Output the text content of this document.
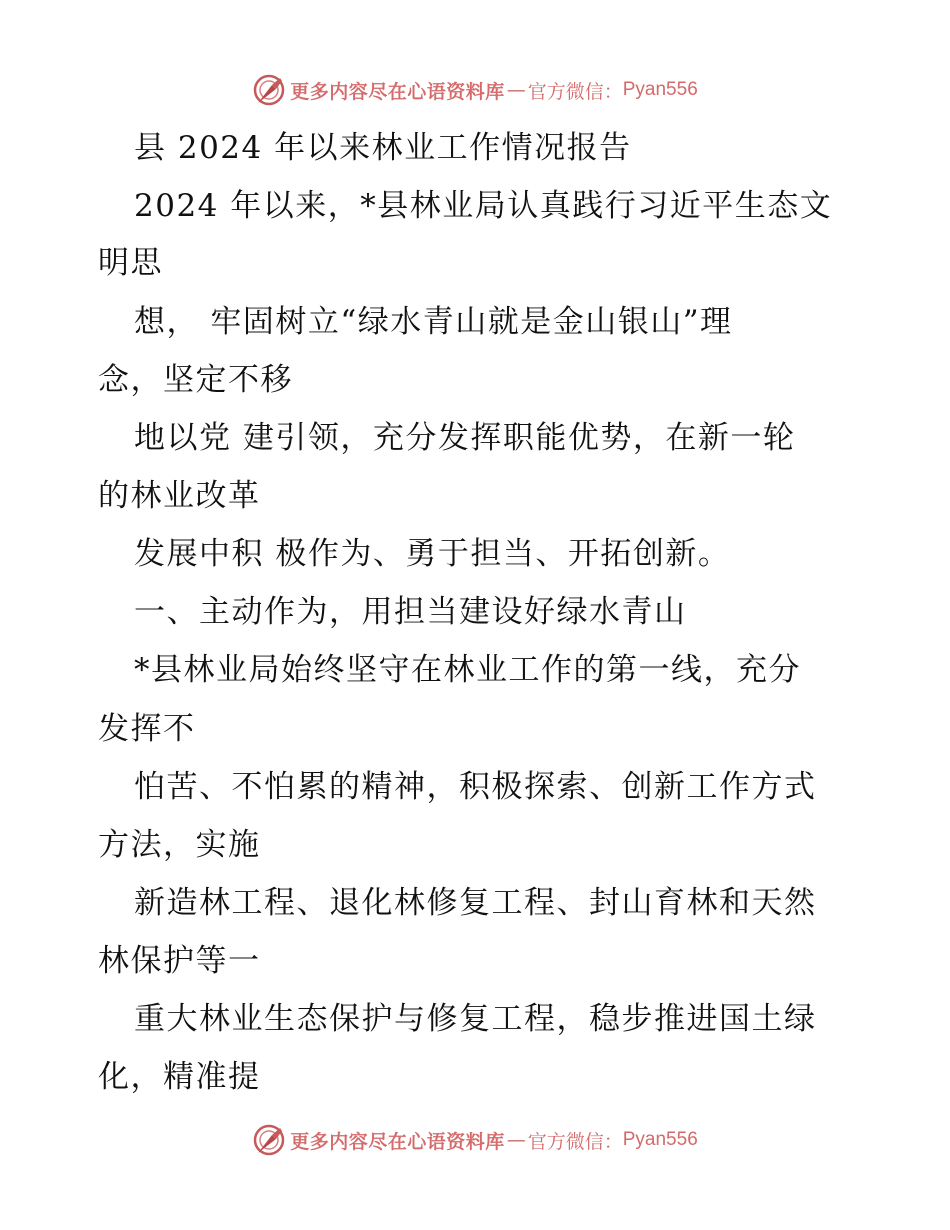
更多内容尽在心语资料库 — 官方微信： Pyan556
县 2024 年以来林业工作情况报告
2024 年以来，*县林业局认真践行习近平生态文
明思
想， 牢固树立“绿水青山就是金山银山”理
念，坚定不移
地以党 建引领，充分发挥职能优势，在新一轮
的林业改革
发展中积 极作为、勇于担当、开拓创新。
一、主动作为，用担当建设好绿水青山
*县林业局始终坚守在林业工作的第一线，充分
发挥不
怕苦、不怕累的精神，积极探索、创新工作方式
方法，实施
新造林工程、退化林修复工程、封山育林和天然
林保护等一
重大林业生态保护与修复工程，稳步推进国土绿
化，精准提
更多内容尽在心语资料库 — 官方微信： Pyan556
